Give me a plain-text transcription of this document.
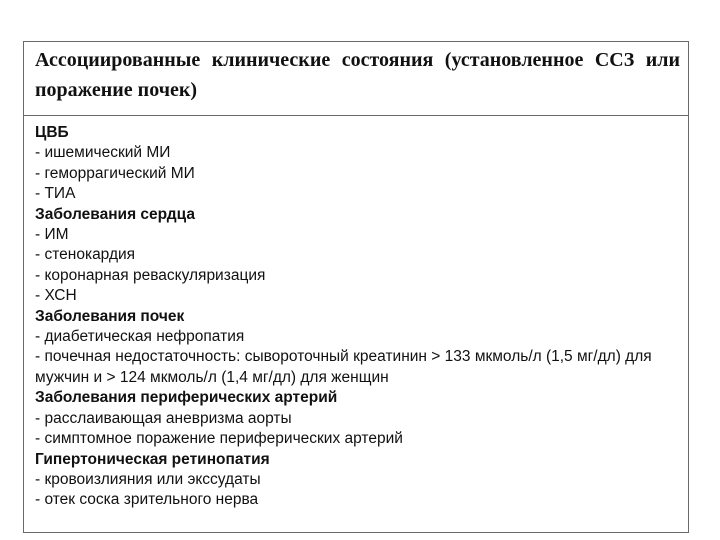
Ассоциированные клинические состояния (установленное ССЗ или поражение почек)
ЦВБ
- ишемический МИ
- геморрагический МИ
- ТИА
Заболевания сердца
- ИМ
- стенокардия
- коронарная реваскуляризация
- ХСН
Заболевания почек
- диабетическая нефропатия
- почечная недостаточность: сывороточный креатинин > 133 мкмоль/л (1,5 мг/дл) для мужчин и > 124 мкмоль/л (1,4 мг/дл) для женщин
Заболевания периферических артерий
- расслаивающая аневризма аорты
- симптомное поражение периферических артерий
Гипертоническая ретинопатия
- кровоизлияния или экссудаты
- отек соска зрительного нерва
